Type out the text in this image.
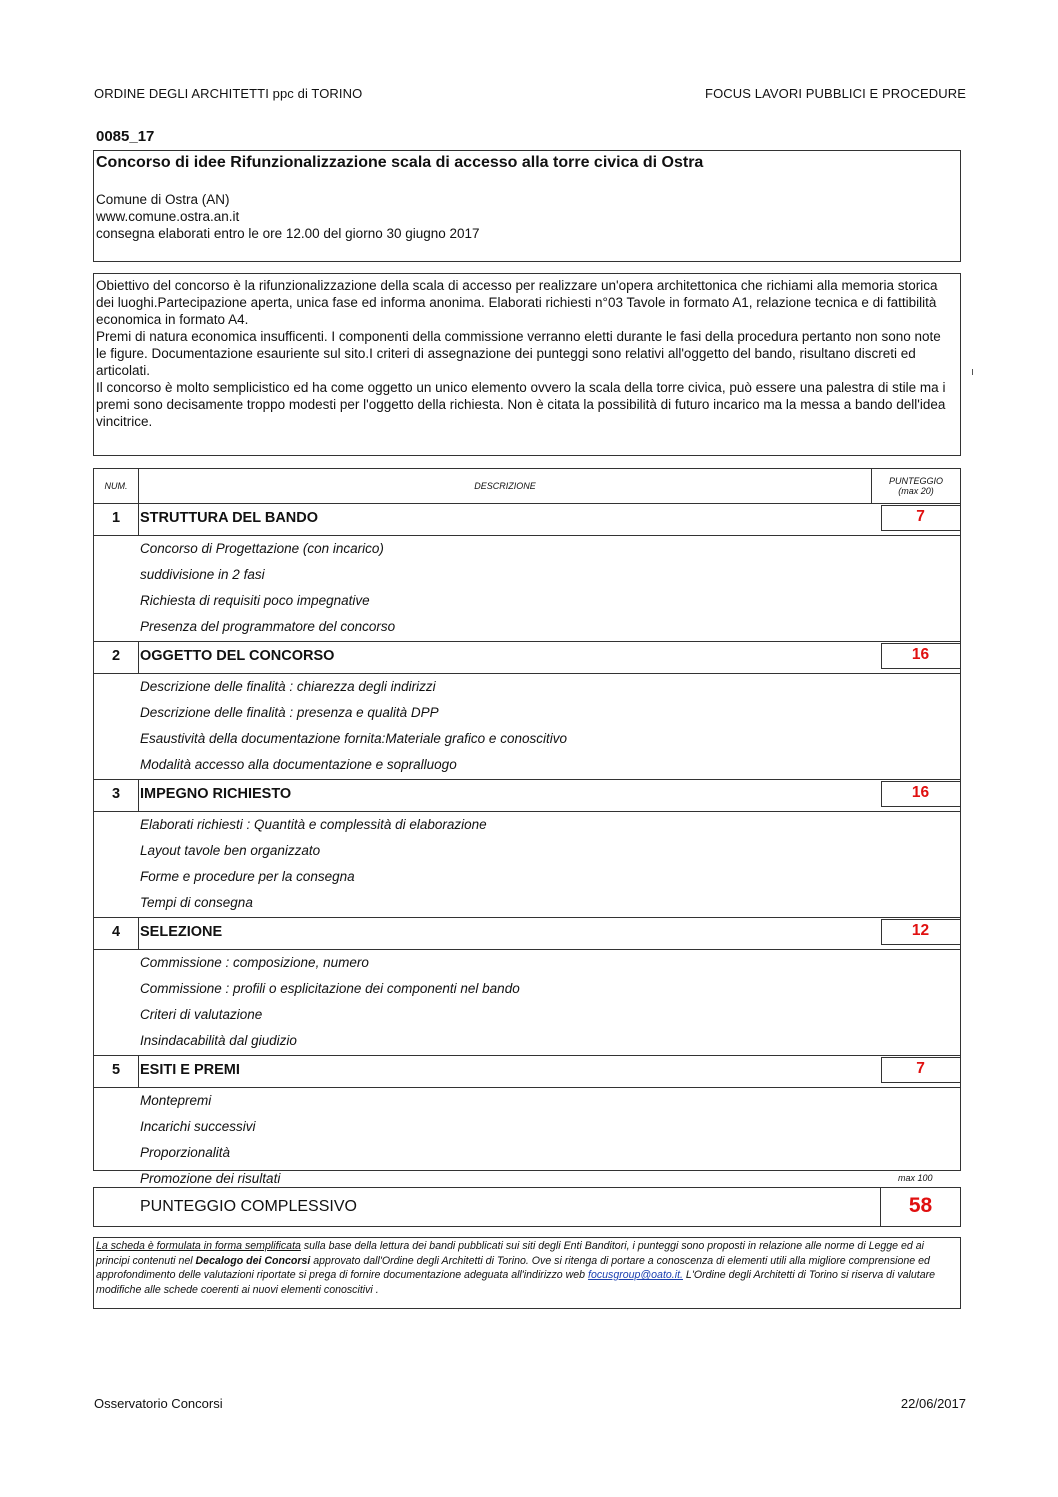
ORDINE DEGLI ARCHITETTI ppc di TORINO	FOCUS LAVORI PUBBLICI E PROCEDURE
0085_17
Concorso di idee Rifunzionalizzazione scala di accesso alla torre civica di Ostra
Comune di Ostra (AN)
www.comune.ostra.an.it
consegna elaborati entro le ore 12.00 del giorno 30 giugno 2017
Obiettivo del concorso è la rifunzionalizzazione della scala di accesso per realizzare un'opera architettonica che richiami alla memoria storica dei luoghi.Partecipazione aperta, unica fase ed informa anonima. Elaborati richiesti n°03 Tavole in formato A1, relazione tecnica e di fattibilità economica in formato A4.
Premi di natura economica insufficenti. I componenti della commissione verranno eletti durante le fasi della procedura pertanto non sono note le figure. Documentazione esauriente sul sito.I criteri di assegnazione dei punteggi sono relativi all'oggetto del bando, risultano discreti ed articolati.
Il concorso è molto semplicistico ed ha come oggetto un unico elemento ovvero la scala della torre civica, può essere una palestra di stile ma i premi sono decisamente troppo modesti per l'oggetto della richiesta. Non è citata la possibilità di futuro incarico ma la messa a bando dell'idea vincitrice.
NUM.	DESCRIZIONE	PUNTEGGIO
(max 20)
1	STRUTTURA DEL BANDO	7
Concorso di Progettazione (con incarico)
suddivisione in 2 fasi
Richiesta di requisiti poco impegnative
Presenza del programmatore del concorso
2	OGGETTO DEL CONCORSO	16
Descrizione delle finalità : chiarezza degli indirizzi
Descrizione delle finalità : presenza e qualità DPP
Esaustività della documentazione fornita:Materiale grafico e conoscitivo
Modalità accesso alla documentazione e sopralluogo
3	IMPEGNO RICHIESTO	16
Elaborati richiesti : Quantità e complessità di elaborazione
Layout tavole ben organizzato
Forme e procedure per la consegna
Tempi di consegna
4	SELEZIONE	12
Commissione : composizione, numero
Commissione : profili o esplicitazione dei componenti nel bando
Criteri di valutazione
Insindacabilità dal giudizio
5	ESITI E PREMI	7
Montepremi
Incarichi successivi
Proporzionalità
Promozione dei risultati	max 100
PUNTEGGIO COMPLESSIVO	58
La scheda è formulata in forma semplificata sulla base della lettura dei bandi pubblicati sui siti degli Enti Banditori, i punteggi sono proposti in relazione alle norme di Legge ed ai principi contenuti nel Decalogo dei Concorsi approvato dall'Ordine degli Architetti di Torino. Ove si ritenga di portare a conoscenza di elementi utili alla migliore comprensione ed approfondimento delle valutazioni riportate si prega di fornire documentazione adeguata all'indirizzo web focusgroup@oato.it. L'Ordine degli Architetti di Torino si riserva di valutare modifiche alle schede coerenti ai nuovi elementi conoscitivi .
Osservatorio Concorsi	22/06/2017
